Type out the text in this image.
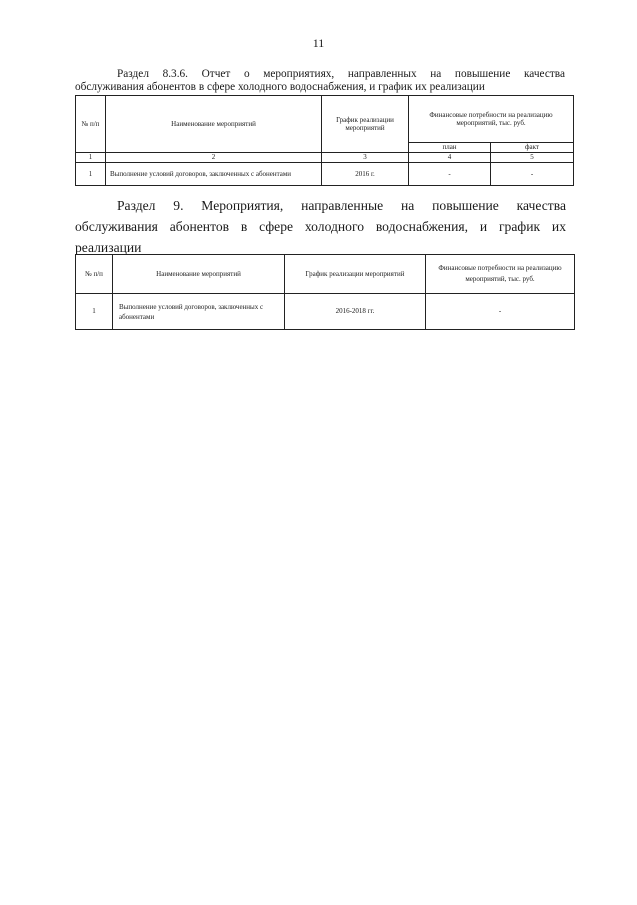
11
Раздел 8.3.6. Отчет о мероприятиях, направленных на повышение качества
обслуживания абонентов в сфере холодного водоснабжения, и график их реализации
№ п/п	Наименование мероприятий	График реализации мероприятий	Финансовые потребности на реализацию мероприятий, тыс. руб.	
			план	факт
1	2	3	4	5
1	Выполнение условий договоров, заключенных с абонентами	2016 г.	-	-
Раздел 9. Мероприятия, направленные на повышение качества
обслуживания абонентов в сфере холодного водоснабжения, и график их
реализации
№ п/п	Наименование мероприятий	График реализации мероприятий	Финансовые потребности на реализацию мероприятий, тыс. руб.
1	Выполнение условий договоров, заключенных с абонентами	2016-2018 гг.	-
